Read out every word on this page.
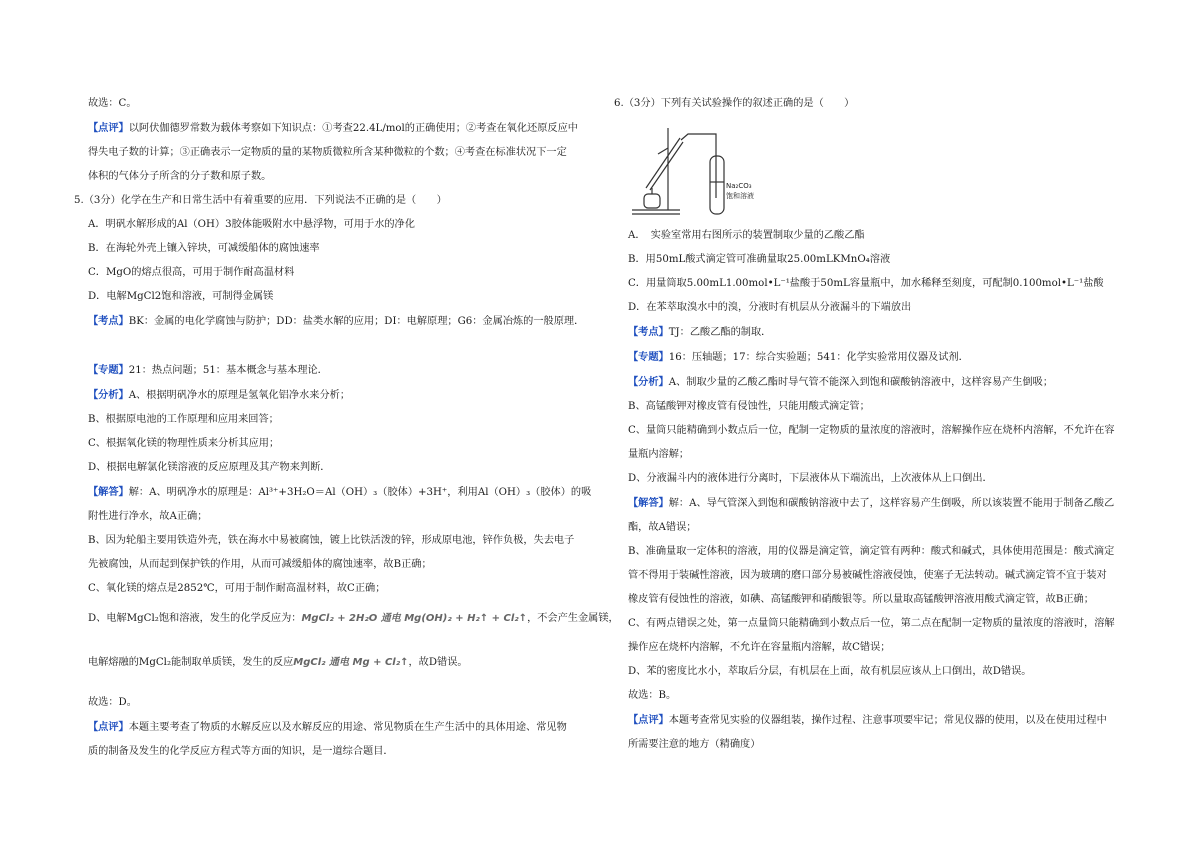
故选：C。

【点评】以阿伏伽德罗常数为载体考察如下知识点：①考查22.4L/mol的正确使用；②考查在氧化还原反应中

得失电子数的计算；③正确表示一定物质的量的某物质微粒所含某种微粒的个数；④考查在标准状况下一定

体积的气体分子所含的分子数和原子数。

5.（3分）化学在生产和日常生活中有着重要的应用．下列说法不正确的是（　　）

A．明矾水解形成的Al（OH）3胶体能吸附水中悬浮物，可用于水的净化

B．在海轮外壳上镶入锌块，可减缓船体的腐蚀速率

C．MgO的熔点很高，可用于制作耐高温材料

D．电解MgCl2饱和溶液，可制得金属镁

【考点】BK：金属的电化学腐蚀与防护；DD：盐类水解的应用；DI：电解原理；G6：金属冶炼的一般原理．

【专题】21：热点问题；51：基本概念与基本理论．

【分析】A、根据明矾净水的原理是氢氧化铝净水来分析；

B、根据原电池的工作原理和应用来回答；

C、根据氧化镁的物理性质来分析其应用；

D、根据电解氯化镁溶液的反应原理及其产物来判断．

【解答】解：A、明矾净水的原理是：Al³⁺+3H₂O＝Al（OH）₃（胶体）+3H⁺，利用Al（OH）₃（胶体）的吸

附性进行净水，故A正确；

B、因为轮船主要用铁造外壳，铁在海水中易被腐蚀，镀上比铁活泼的锌，形成原电池，锌作负极，失去电子

先被腐蚀，从而起到保护铁的作用，从而可减缓船体的腐蚀速率，故B正确；

C、氧化镁的熔点是2852℃，可用于制作耐高温材料，故C正确；

D、电解MgCl₂饱和溶液，发生的化学反应为：MgCl₂ + 2H₂O 通电 Mg(OH)₂ + H₂↑ + Cl₂↑，不会产生金属镁，

电解熔融的MgCl₂能制取单质镁，发生的反应MgCl₂ 通电 Mg + Cl₂↑，故D错误。

故选：D。

【点评】本题主要考查了物质的水解反应以及水解反应的用途、常见物质在生产生活中的具体用途、常见物

质的制备及发生的化学反应方程式等方面的知识，是一道综合题目．

6.（3分）下列有关试验操作的叙述正确的是（　　）

Na₂CO₃
饱和溶液

A．　实验室常用右图所示的装置制取少量的乙酸乙酯

B．用50mL酸式滴定管可准确量取25.00mLKMnO₄溶液

C．用量筒取5.00mL1.00mol•L⁻¹盐酸于50mL容量瓶中，加水稀释至刻度，可配制0.100mol•L⁻¹盐酸

D．在苯萃取溴水中的溴，分液时有机层从分液漏斗的下端放出

【考点】TJ：乙酸乙酯的制取．

【专题】16：压轴题；17：综合实验题；541：化学实验常用仪器及试剂．

【分析】A、制取少量的乙酸乙酯时导气管不能深入到饱和碳酸钠溶液中，这样容易产生倒吸；

B、高锰酸钾对橡皮管有侵蚀性，只能用酸式滴定管；

C、量筒只能精确到小数点后一位，配制一定物质的量浓度的溶液时，溶解操作应在烧杯内溶解，不允许在容

量瓶内溶解；

D、分液漏斗内的液体进行分离时，下层液体从下端流出，上次液体从上口倒出．

【解答】解：A、导气管深入到饱和碳酸钠溶液中去了，这样容易产生倒吸，所以该装置不能用于制备乙酸乙

酯，故A错误；

B、准确量取一定体积的溶液，用的仪器是滴定管，滴定管有两种：酸式和碱式，具体使用范围是：酸式滴定

管不得用于装碱性溶液，因为玻璃的磨口部分易被碱性溶液侵蚀，使塞子无法转动。碱式滴定管不宜于装对

橡皮管有侵蚀性的溶液，如碘、高锰酸钾和硝酸银等。所以量取高锰酸钾溶液用酸式滴定管，故B正确；

C、有两点错误之处，第一点量筒只能精确到小数点后一位，第二点在配制一定物质的量浓度的溶液时，溶解

操作应在烧杯内溶解，不允许在容量瓶内溶解，故C错误；

D、苯的密度比水小，萃取后分层，有机层在上面，故有机层应该从上口倒出，故D错误。

故选：B。

【点评】本题考查常见实验的仪器组装，操作过程、注意事项要牢记；常见仪器的使用，以及在使用过程中

所需要注意的地方（精确度）
